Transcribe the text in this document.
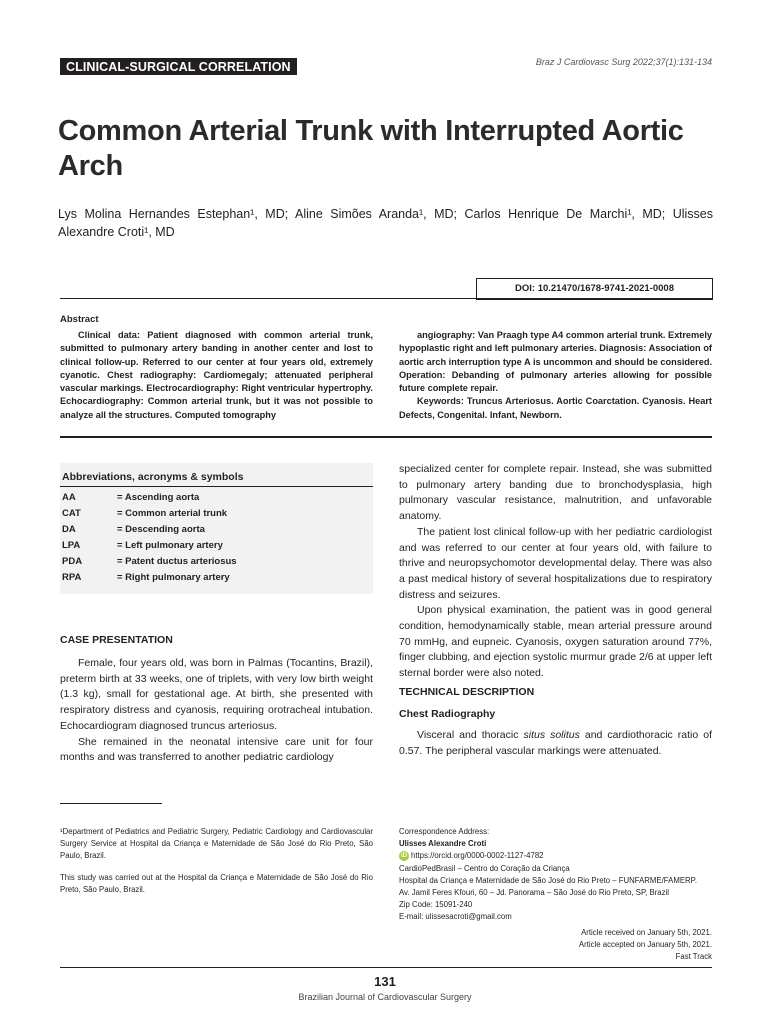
CLINICAL-SURGICAL CORRELATION	Braz J Cardiovasc Surg 2022;37(1):131-134
Common Arterial Trunk with Interrupted Aortic Arch
Lys Molina Hernandes Estephan¹, MD; Aline Simões Aranda¹, MD; Carlos Henrique De Marchi¹, MD; Ulisses Alexandre Croti¹, MD
DOI: 10.21470/1678-9741-2021-0008
Abstract

Clinical data: Patient diagnosed with common arterial trunk, submitted to pulmonary artery banding in another center and lost to clinical follow-up. Referred to our center at four years old, extremely cyanotic. Chest radiography: Cardiomegaly; attenuated peripheral vascular markings. Electrocardiography: Right ventricular hypertrophy. Echocardiography: Common arterial trunk, but it was not possible to analyze all the structures. Computed tomography

angiography: Van Praagh type A4 common arterial trunk. Extremely hypoplastic right and left pulmonary arteries. Diagnosis: Association of aortic arch interruption type A is uncommon and should be considered. Operation: Debanding of pulmonary arteries allowing for possible future complete repair.

Keywords: Truncus Arteriosus. Aortic Coarctation. Cyanosis. Heart Defects, Congenital. Infant, Newborn.

Abbreviations, acronyms & symbols
AA	= Ascending aorta
CAT	= Common arterial trunk
DA	= Descending aorta
LPA	= Left pulmonary artery
PDA	= Patent ductus arteriosus
RPA	= Right pulmonary artery
CASE PRESENTATION

Female, four years old, was born in Palmas (Tocantins, Brazil), preterm birth at 33 weeks, one of triplets, with very low birth weight (1.3 kg), small for gestational age. At birth, she presented with respiratory distress and cyanosis, requiring orotracheal intubation. Echocardiogram diagnosed truncus arteriosus.

She remained in the neonatal intensive care unit for four months and was transferred to another pediatric cardiology

specialized center for complete repair. Instead, she was submitted to pulmonary artery banding due to bronchodysplasia, high pulmonary vascular resistance, malnutrition, and unfavorable anatomy.

The patient lost clinical follow-up with her pediatric cardiologist and was referred to our center at four years old, with failure to thrive and neuropsychomotor developmental delay. There was also a past medical history of several hospitalizations due to respiratory distress and seizures.

Upon physical examination, the patient was in good general condition, hemodynamically stable, mean arterial pressure around 70 mmHg, and eupneic. Cyanosis, oxygen saturation around 77%, finger clubbing, and ejection systolic murmur grade 2/6 at upper left sternal border were also noted.

TECHNICAL DESCRIPTION
Chest Radiography

Visceral and thoracic situs solitus and cardiothoracic ratio of 0.57. The peripheral vascular markings were attenuated.

¹Department of Pediatrics and Pediatric Surgery, Pediatric Cardiology and Cardiovascular Surgery Service at Hospital da Criança e Maternidade de São José do Rio Preto, São Paulo, Brazil.
This study was carried out at the Hospital da Criança e Maternidade de São José do Rio Preto, São Paulo, Brazil.
Correspondence Address:
Ulisses Alexandre Croti
iD https://orcid.org/0000-0002-1127-4782
CardioPedBrasil – Centro do Coração da Criança
Hospital da Criança e Maternidade de São José do Rio Preto – FUNFARME/FAMERP.
Av. Jamil Feres Kfouri, 60 – Jd. Panorama – São José do Rio Preto, SP, Brazil
Zip Code: 15091-240
E-mail: ulissesacroti@gmail.com
Article received on January 5th, 2021.
Article accepted on January 5th, 2021.
Fast Track
131
Brazilian Journal of Cardiovascular Surgery
